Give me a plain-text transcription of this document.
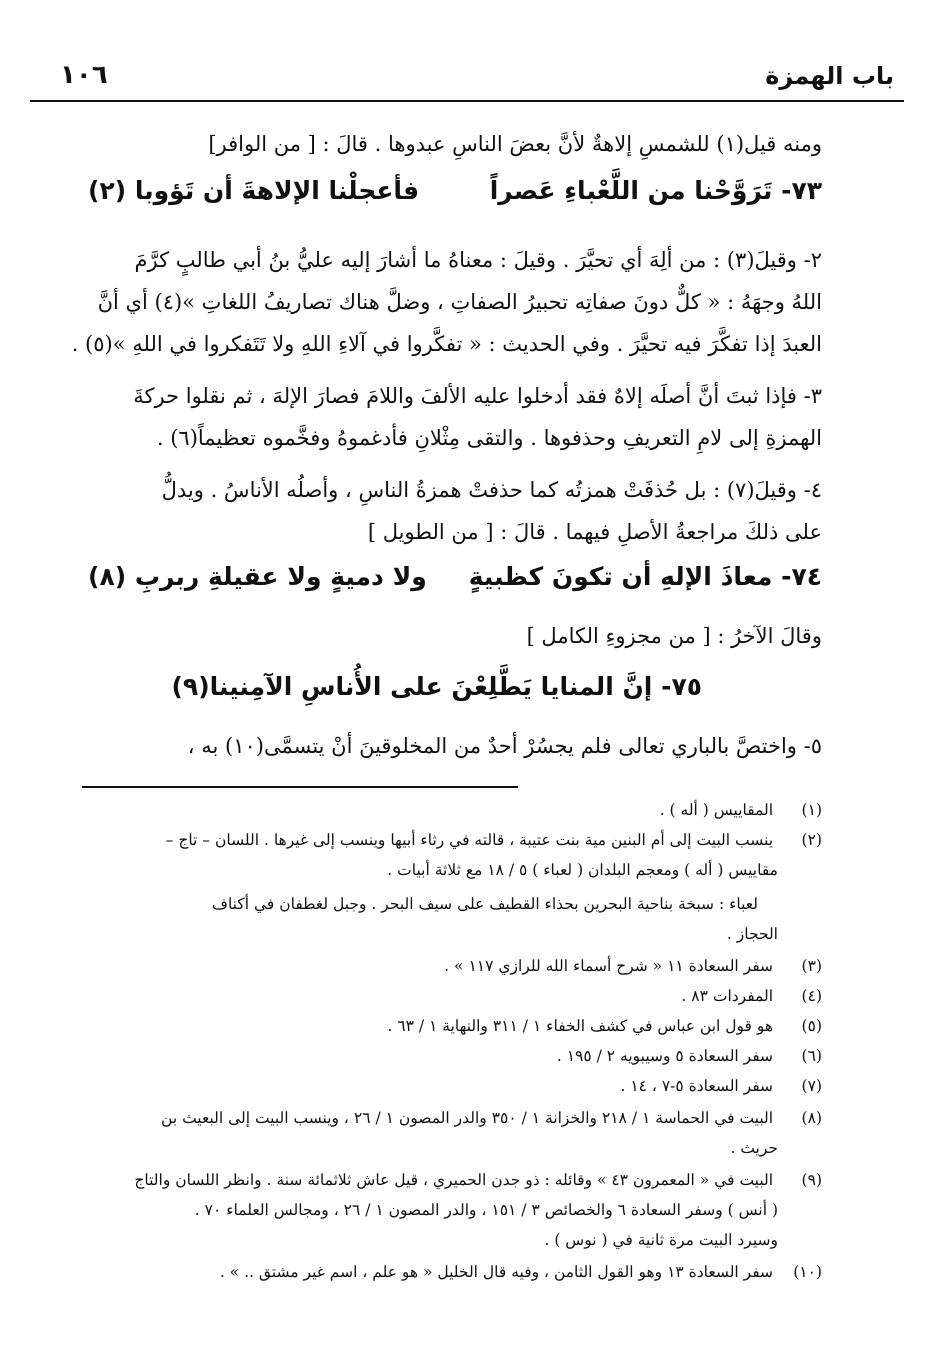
باب الهمزة
١٠٦
ومنه قيل(١) للشمسِ إلاهةٌ لأنَّ بعضَ الناسِ عبدوها . قالَ : [ من الوافر]
٧٣- تَرَوَّحْنا من اللَّعْباءِ عَصراً
فأعجلْنا الإلاهةَ أن تَؤوبا (٢)
٢- وقيلَ(٣) : من ألِهَ أي تحيَّرَ . وقيلَ : معناهُ ما أشارَ إليه عليُّ بنُ أبي طالبٍ كرَّمَ
اللهُ وجهَهُ : « كلٌّ دونَ صفاتِه تحبيرُ الصفاتِ ، وضلَّ هناك تصاريفُ اللغاتِ »(٤) أي أنَّ
العبدَ إذا تفكَّرَ فيه تحيَّرَ . وفي الحديث : « تفكَّروا في آلاءِ اللهِ ولا تَتَفكروا في اللهِ »(٥) .
٣- فإذا ثبتَ أنَّ أصلَه إلاهٌ فقد أدخلوا عليه الألفَ واللامَ فصارَ الإلهَ ، ثم نقلوا حركةَ
الهمزةِ إلى لامِ التعريفِ وحذفوها . والتقى مِثْلانِ فأدغموهُ وفخَّموه تعظيماً(٦) .
٤- وقيلَ(٧) : بل حُذفَتْ همزتُه كما حذفتْ همزةُ الناسِ ، وأصلُه الأناسُ . ويدلُّ
على ذلكَ مراجعةُ الأصلِ فيهما . قالَ : [ من الطويل ]
٧٤- معاذَ الإلهِ أن تكونَ كظبيةٍ
ولا دميةٍ ولا عقيلةِ ربربِ (٨)
وقالَ الآخرُ : [ من مجزوءِ الكامل ]
٧٥- إنَّ المنايا يَطَّلِعْنَ على الأُناسِ الآمِنينا(٩)
٥- واختصَّ بالباري تعالى فلم يجسُرْ أحدٌ من المخلوقينَ أنْ يتسمَّى(١٠) به ،
(١) المقاييس ( أله ) .
(٢) ينسب البيت إلى أم البنين مية بنت عتيبة ، قالته في رثاء أبيها وينسب إلى غيرها . اللسان – تاج –
مقاييس ( أله ) ومعجم البلدان ( لعباء ) ٥ / ١٨ مع ثلاثة أبيات .
لعباء : سبخة بناحية البحرين بحذاء القطيف على سيف البحر . وجبل لغطفان في أكناف
الحجاز .
(٣) سفر السعادة ١١ « شرح أسماء الله للرازي ١١٧ » .
(٤) المفردات ٨٣ .
(٥) هو قول ابن عباس في كشف الخفاء ١ / ٣١١ والنهاية ١ / ٦٣ .
(٦) سفر السعادة ٥ وسيبويه ٢ / ١٩٥ .
(٧) سفر السعادة ٥-٧ ، ١٤ .
(٨) البيت في الحماسة ١ / ٢١٨ والخزانة ١ / ٣٥٠ والدر المصون ١ / ٢٦ ، وينسب البيت إلى البعيث بن
حريث .
(٩) البيت في « المعمرون ٤٣ » وقائله : ذو جدن الحميري ، قيل عاش ثلاثمائة سنة . وانظر اللسان والتاج
( أنس ) وسفر السعادة ٦ والخصائص ٣ / ١٥١ ، والدر المصون ١ / ٢٦ ، ومجالس العلماء ٧٠ .
وسيرد البيت مرة ثانية في ( نوس ) .
(١٠) سفر السعادة ١٣ وهو القول الثامن ، وفيه قال الخليل « هو علم ، اسم غير مشتق .. » .
